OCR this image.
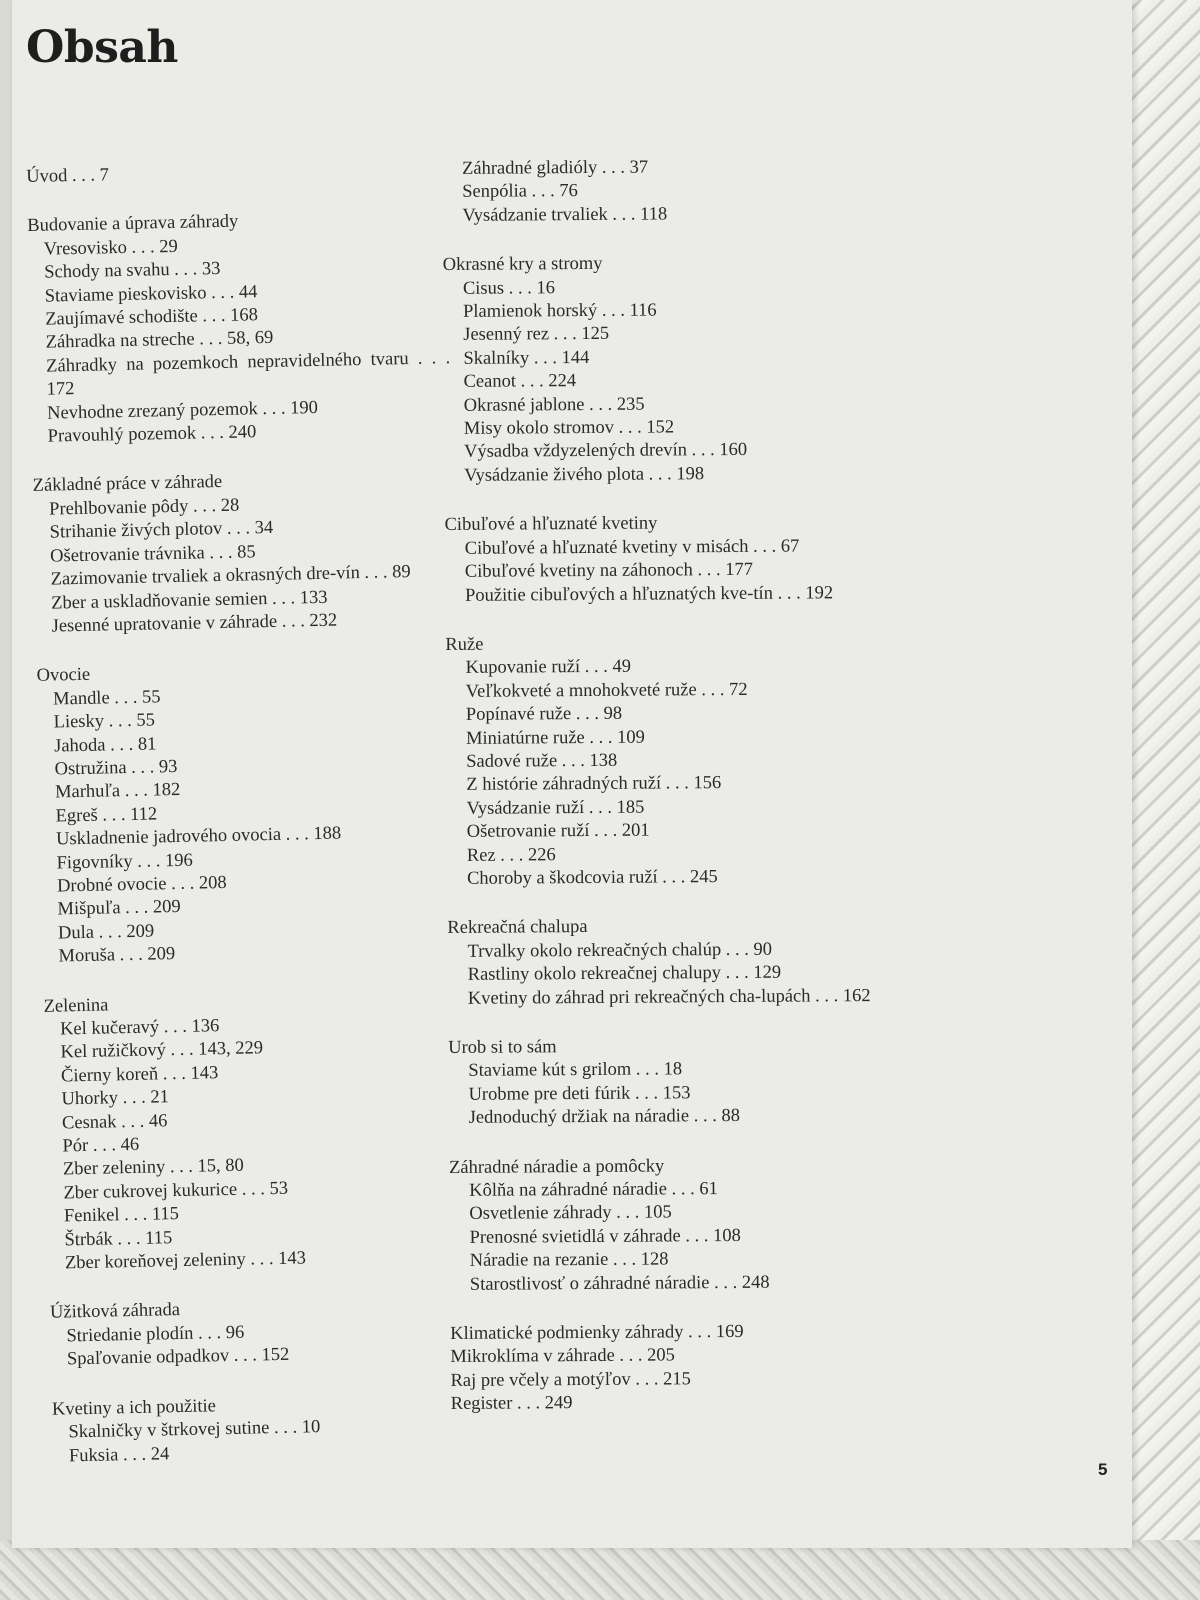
Obsah
Úvod . . . 7
Budovanie a úprava záhrady
Vresovisko . . . 29
Schody na svahu . . . 33
Staviame pieskovisko . . . 44
Zaujímavé schodište . . . 168
Záhradka na streche . . . 58, 69
Záhradky na pozemkoch nepravidelného tvaru . . . 172
Nevhodne zrezaný pozemok . . . 190
Pravouhlý pozemok . . . 240
Základné práce v záhrade
Prehlbovanie pôdy . . . 28
Strihanie živých plotov . . . 34
Ošetrovanie trávnika . . . 85
Zazimovanie trvaliek a okrasných dre-vín . . . 89
Zber a uskladňovanie semien . . . 133
Jesenné upratovanie v záhrade . . . 232
Ovocie
Mandle . . . 55
Liesky . . . 55
Jahoda . . . 81
Ostružina . . . 93
Marhuľa . . . 182
Egreš . . . 112
Uskladnenie jadrového ovocia . . . 188
Figovníky . . . 196
Drobné ovocie . . . 208
Mišpuľa . . . 209
Dula . . . 209
Moruša . . . 209
Zelenina
Kel kučeravý . . . 136
Kel ružičkový . . . 143, 229
Čierny koreň . . . 143
Uhorky . . . 21
Cesnak . . . 46
Pór . . . 46
Zber zeleniny . . . 15, 80
Zber cukrovej kukurice . . . 53
Fenikel . . . 115
Štrbák . . . 115
Zber koreňovej zeleniny . . . 143
Úžitková záhrada
Striedanie plodín . . . 96
Spaľovanie odpadkov . . . 152
Kvetiny a ich použitie
Skalničky v štrkovej sutine . . . 10
Fuksia . . . 24
Záhradné gladióly . . . 37
Senpólia . . . 76
Vysádzanie trvaliek . . . 118
Okrasné kry a stromy
Cisus . . . 16
Plamienok horský . . . 116
Jesenný rez . . . 125
Skalníky . . . 144
Ceanot . . . 224
Okrasné jablone . . . 235
Misy okolo stromov . . . 152
Výsadba vždyzelených drevín . . . 160
Vysádzanie živého plota . . . 198
Cibuľové a hľuznaté kvetiny
Cibuľové a hľuznaté kvetiny v misách . . . 67
Cibuľové kvetiny na záhonoch . . . 177
Použitie cibuľových a hľuznatých kve-tín . . . 192
Ruže
Kupovanie ruží . . . 49
Veľkokveté a mnohokveté ruže . . . 72
Popínavé ruže . . . 98
Miniatúrne ruže . . . 109
Sadové ruže . . . 138
Z histórie záhradných ruží . . . 156
Vysádzanie ruží . . . 185
Ošetrovanie ruží . . . 201
Rez . . . 226
Choroby a škodcovia ruží . . . 245
Rekreačná chalupa
Trvalky okolo rekreačných chalúp . . . 90
Rastliny okolo rekreačnej chalupy . . . 129
Kvetiny do záhrad pri rekreačných cha-lupách . . . 162
Urob si to sám
Staviame kút s grilom . . . 18
Urobme pre deti fúrik . . . 153
Jednoduchý držiak na náradie . . . 88
Záhradné náradie a pomôcky
Kôlňa na záhradné náradie . . . 61
Osvetlenie záhrady . . . 105
Prenosné svietidlá v záhrade . . . 108
Náradie na rezanie . . . 128
Starostlivosť o záhradné náradie . . . 248
Klimatické podmienky záhrady . . . 169
Mikroklíma v záhrade . . . 205
Raj pre včely a motýľov . . . 215
Register . . . 249
5
